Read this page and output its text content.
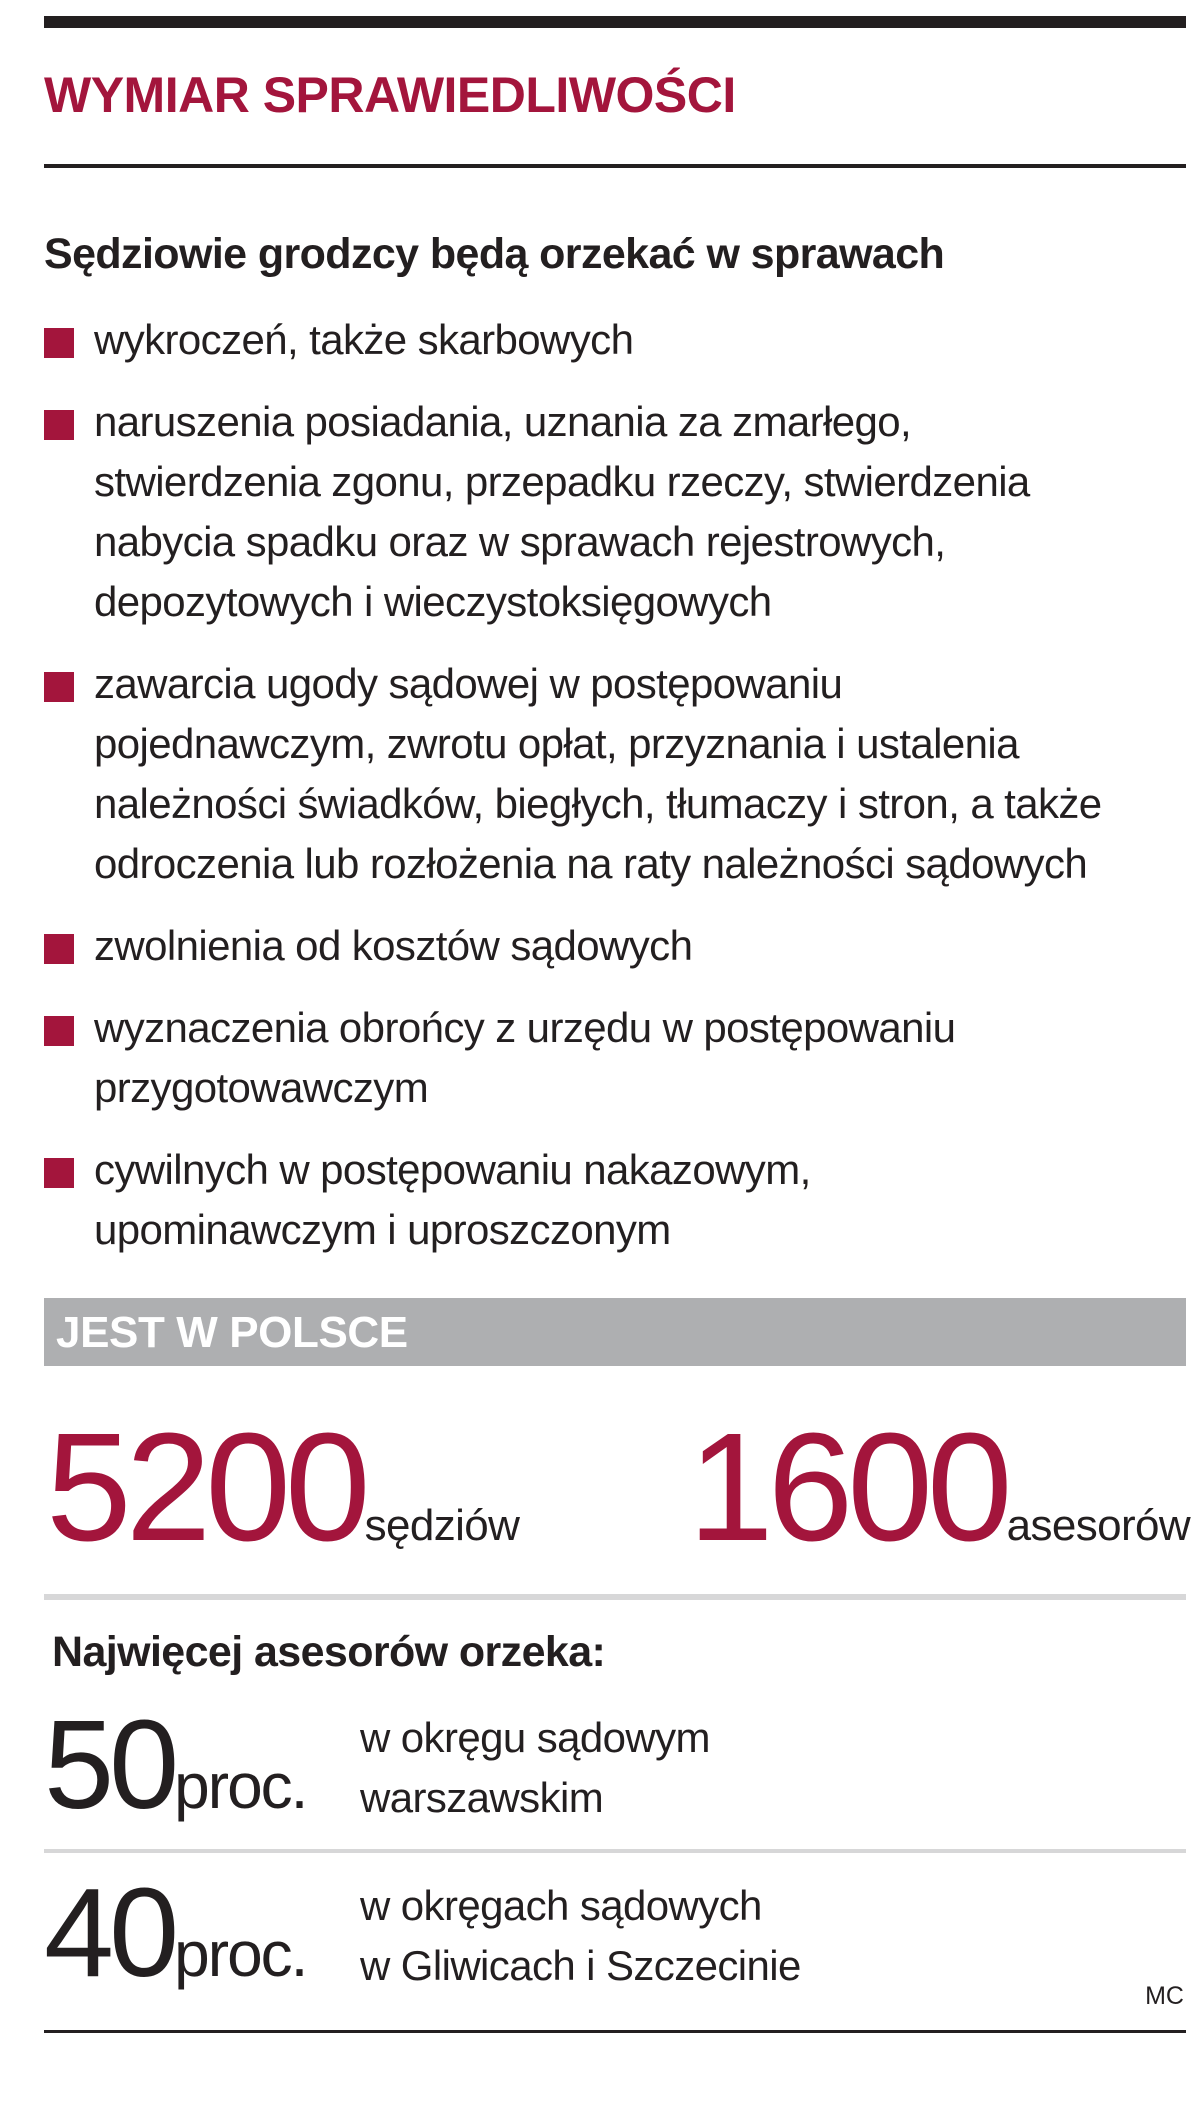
WYMIAR SPRAWIEDLIWOŚCI
Sędziowie grodzcy będą orzekać w sprawach
wykroczeń, także skarbowych
naruszenia posiadania, uznania za zmarłego,
stwierdzenia zgonu, przepadku rzeczy, stwierdzenia
nabycia spadku oraz w sprawach rejestrowych,
depozytowych i wieczystoksięgowych
zawarcia ugody sądowej w postępowaniu
pojednawczym, zwrotu opłat, przyznania i ustalenia
należności świadków, biegłych, tłumaczy i stron, a także
odroczenia lub rozłożenia na raty należności sądowych
zwolnienia od kosztów sądowych
wyznaczenia obrońcy z urzędu w postępowaniu
przygotowawczym
cywilnych w postępowaniu nakazowym,
upominawczym i uproszczonym
JEST W POLSCE
5200sędziów 1600asesorów
Najwięcej asesorów orzeka:
50proc.
w okręgu sądowym
warszawskim
40proc.
w okręgach sądowych
w Gliwicach i Szczecinie
MC
